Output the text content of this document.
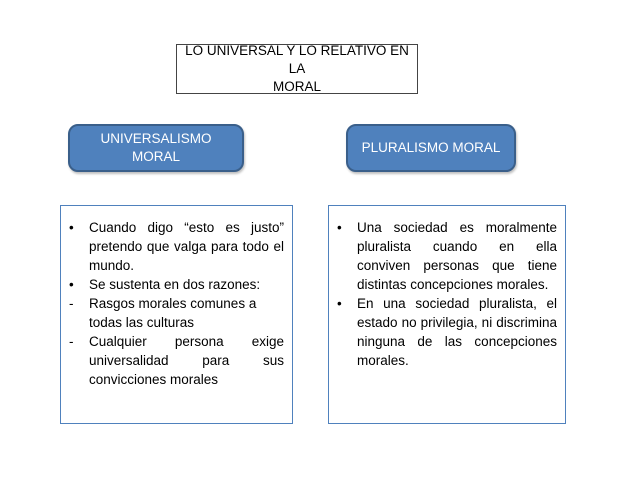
LO UNIVERSAL Y LO RELATIVO EN LA
MORAL
UNIVERSALISMO
MORAL
PLURALISMO MORAL
•	Cuando digo “esto es justo” pretendo que valga para todo el mundo.
•	Se sustenta en dos razones:
-	Rasgos morales comunes a todas las culturas
-	Cualquier persona exige universalidad para sus convicciones morales
•	Una sociedad es moralmente pluralista cuando en ella conviven personas que tiene distintas concepciones morales.
•	En una sociedad pluralista, el estado no privilegia, ni discrimina ninguna de las concepciones morales.
